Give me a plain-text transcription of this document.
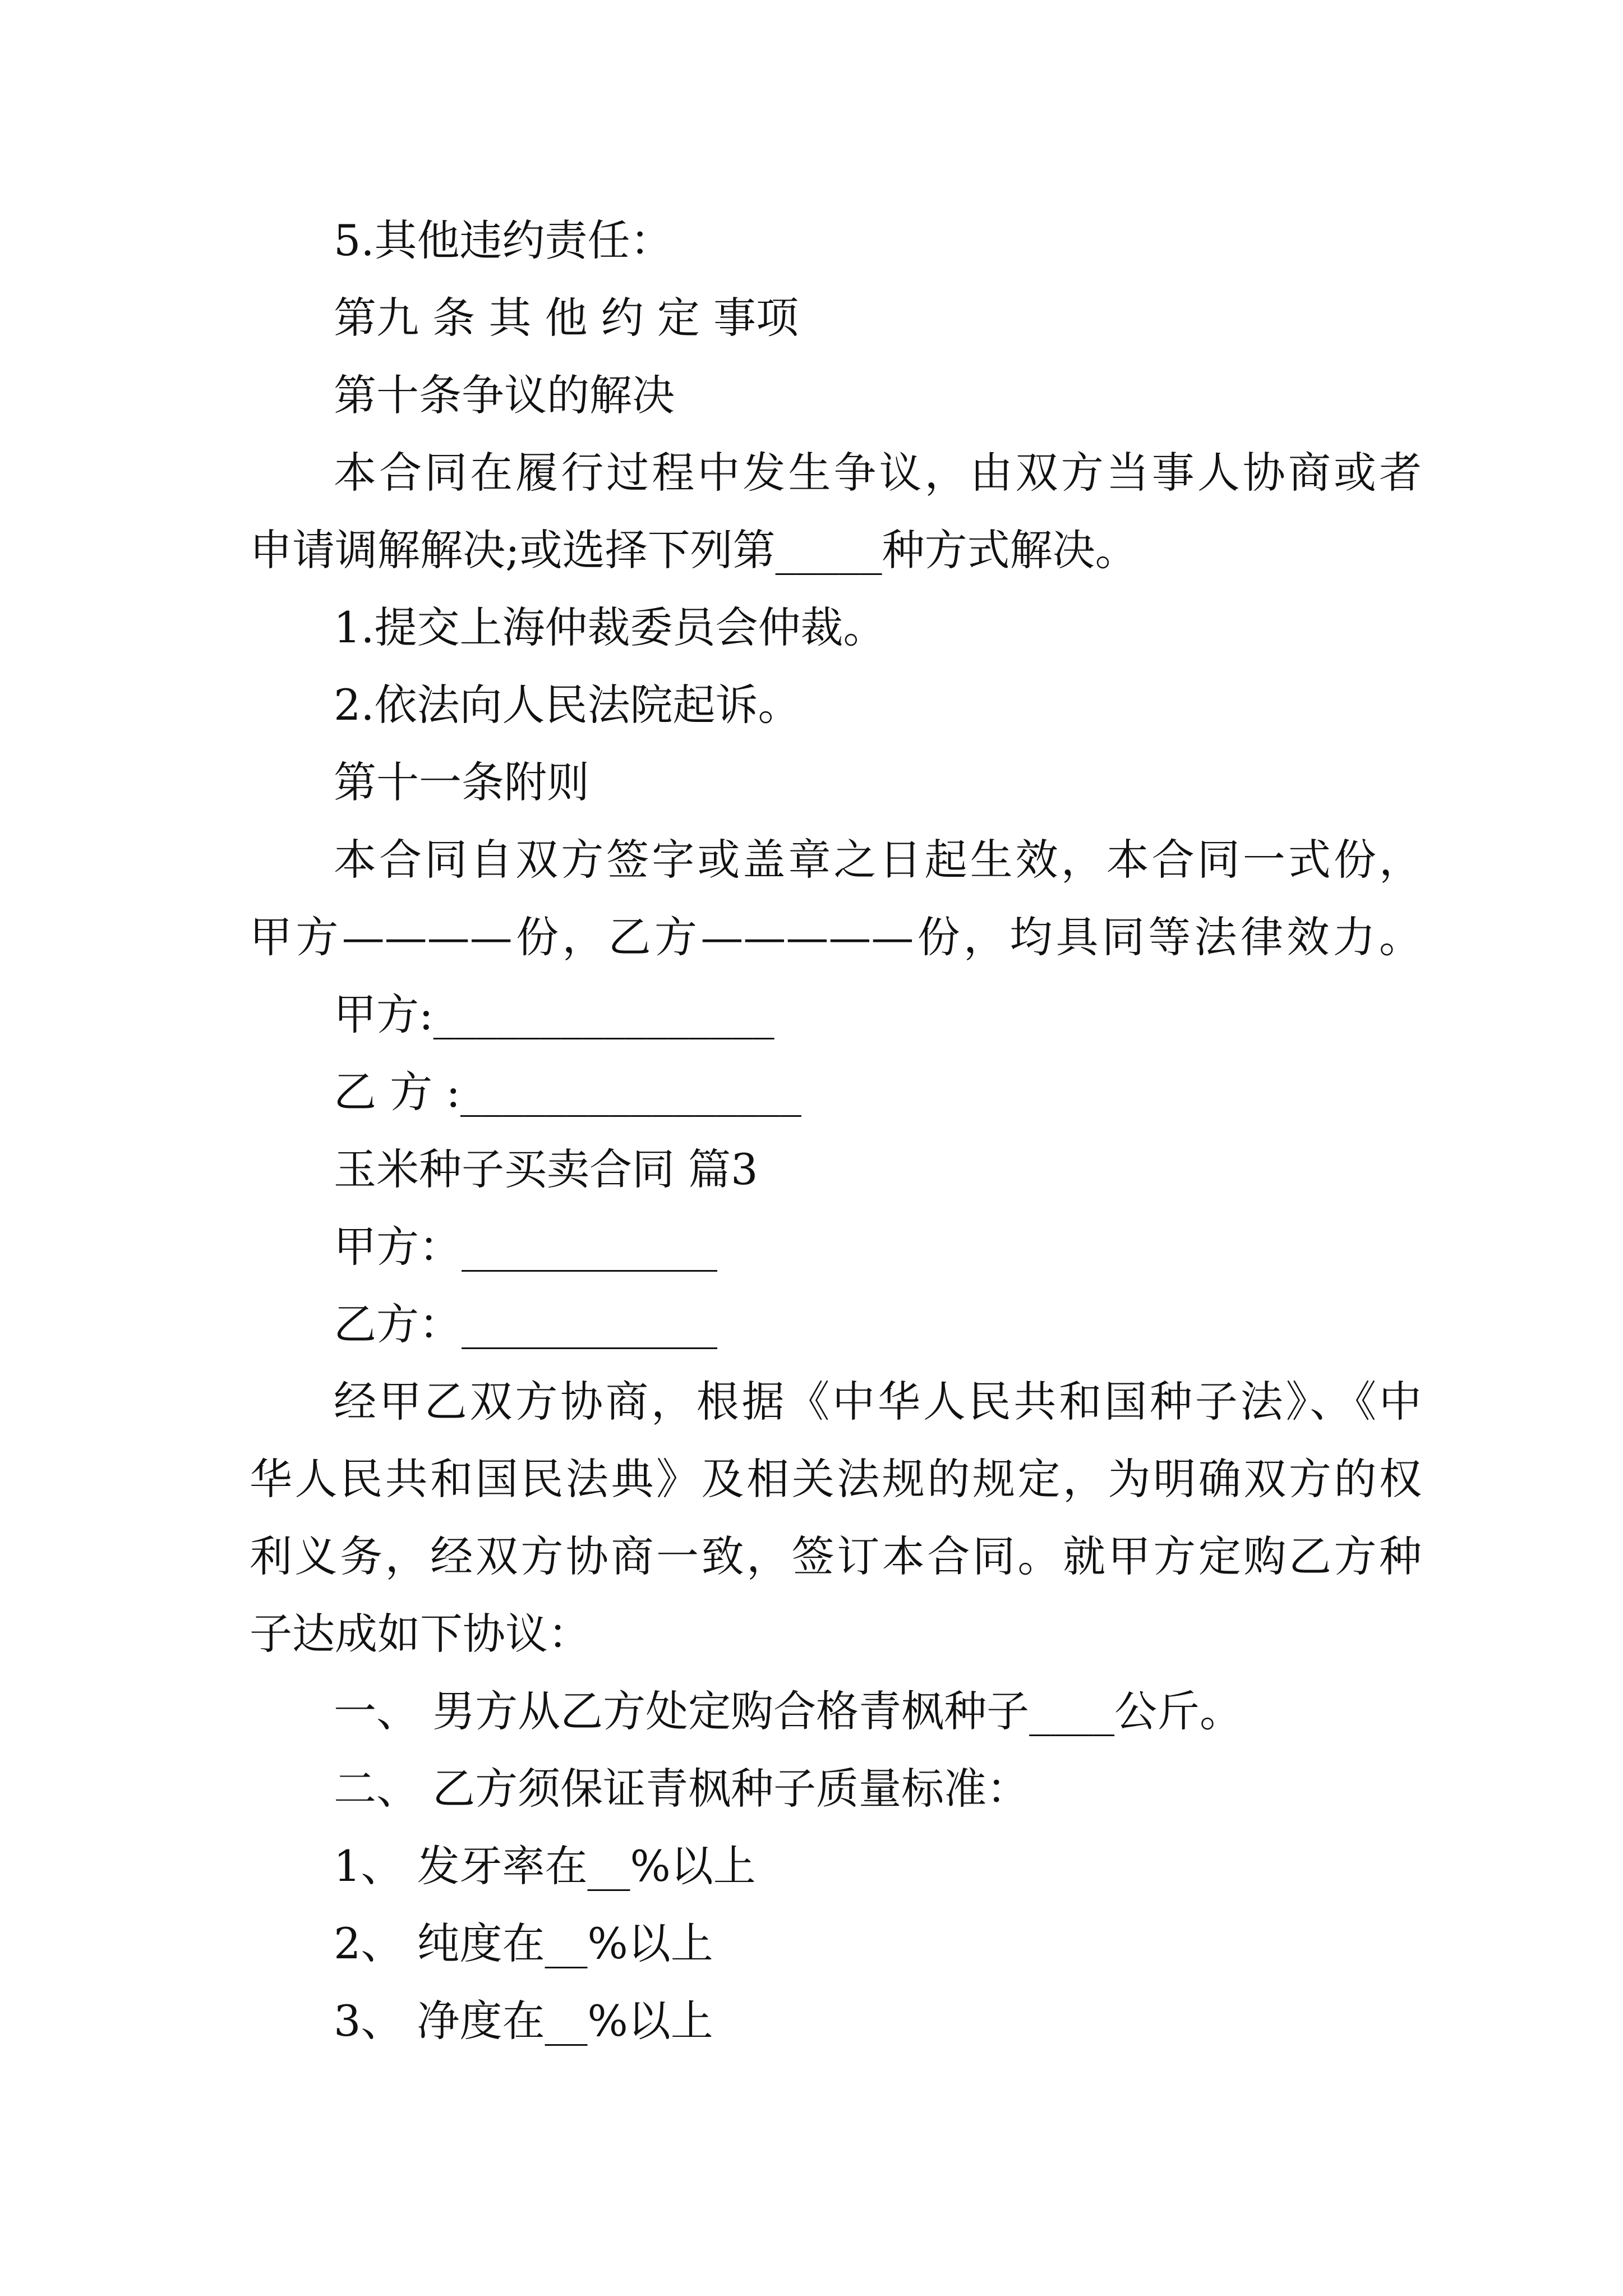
5.其他违约责任：
第九 条 其 他 约 定 事项
第十条争议的解决
本合同在履行过程中发生争议，由双方当事人协商或者
申请调解解决;或选择下列第_____种方式解决。
1.提交上海仲裁委员会仲裁。
2.依法向人民法院起诉。
第十一条附则
本合同自双方签字或盖章之日起生效，本合同一式份，
甲方————份，乙方—————份，均具同等法律效力。
甲方:________________
乙 方 :________________
玉米种子买卖合同 篇3
甲方：____________
乙方：____________
经甲乙双方协商，根据《中华人民共和国种子法》、《中
华人民共和国民法典》及相关法规的规定，为明确双方的权
利义务，经双方协商一致，签订本合同。就甲方定购乙方种
子达成如下协议：
一、 男方从乙方处定购合格青枫种子____公斤。
二、 乙方须保证青枫种子质量标准：
1、 发牙率在__%以上
2、 纯度在__%以上
3、 净度在__%以上
